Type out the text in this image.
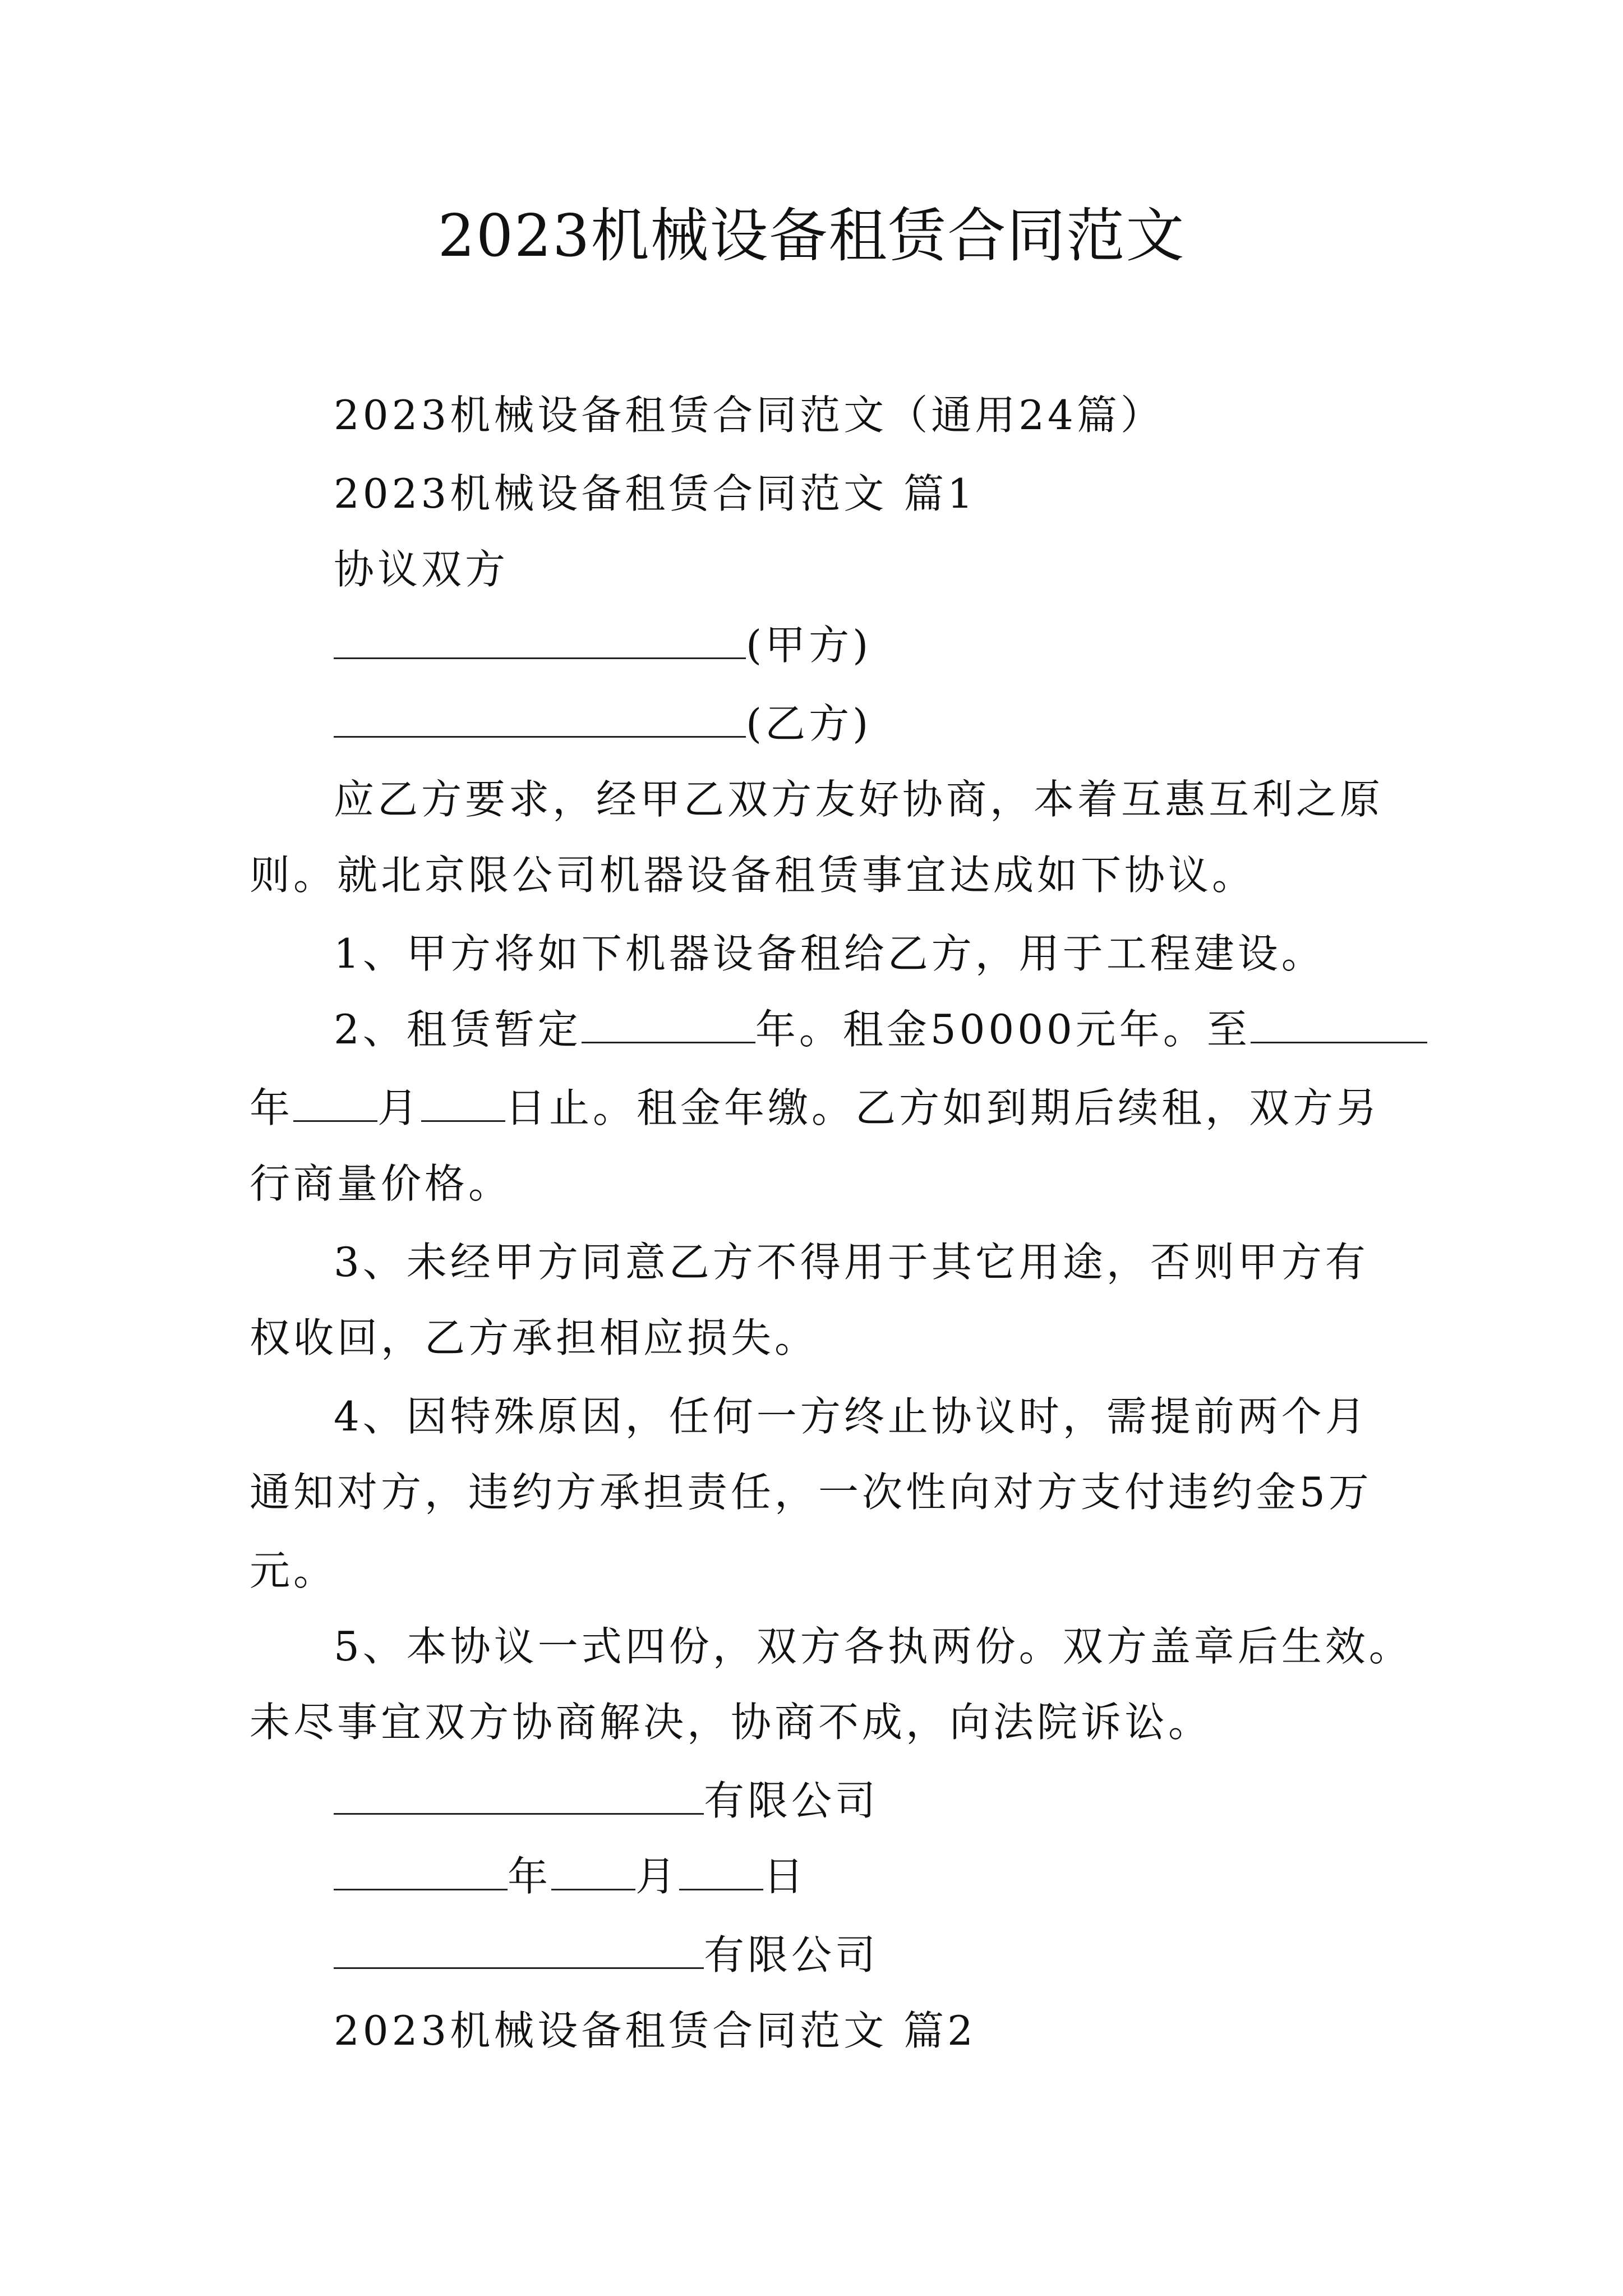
2023机械设备租赁合同范文
2023机械设备租赁合同范文（通用24篇）
2023机械设备租赁合同范文 篇1
协议双方
(甲方)
(乙方)
应乙方要求，经甲乙双方友好协商，本着互惠互利之原
则。就北京限公司机器设备租赁事宜达成如下协议。
1、甲方将如下机器设备租给乙方，用于工程建设。
2、租赁暂定	年。租金50000元年。至
年 月 日止。租金年缴。乙方如到期后续租，双方另
行商量价格。
3、未经甲方同意乙方不得用于其它用途，否则甲方有
权收回，乙方承担相应损失。
4、因特殊原因，任何一方终止协议时，需提前两个月
通知对方，违约方承担责任，一次性向对方支付违约金5万
元。
5、本协议一式四份，双方各执两份。双方盖章后生效。
未尽事宜双方协商解决，协商不成，向法院诉讼。
有限公司
年 月 日
有限公司
2023机械设备租赁合同范文 篇2
